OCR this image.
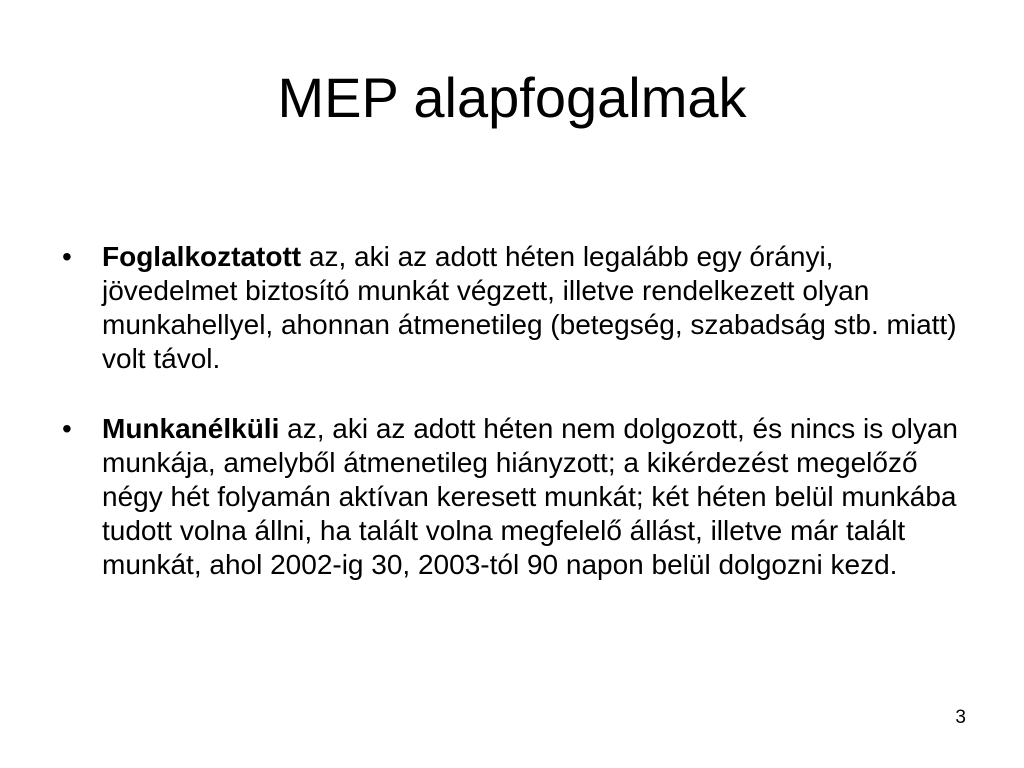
MEP alapfogalmak
• Foglalkoztatott az, aki az adott héten legalább egy órányi, jövedelmet biztosító munkát végzett, illetve rendelkezett olyan munkahellyel, ahonnan átmenetileg (betegség, szabadság stb. miatt) volt távol.
• Munkanélküli az, aki az adott héten nem dolgozott, és nincs is olyan munkája, amelyből átmenetileg hiányzott; a kikérdezést megelőző négy hét folyamán aktívan keresett munkát; két héten belül munkába tudott volna állni, ha talált volna megfelelő állást, illetve már talált munkát, ahol 2002-ig 30, 2003-tól 90 napon belül dolgozni kezd.
3
